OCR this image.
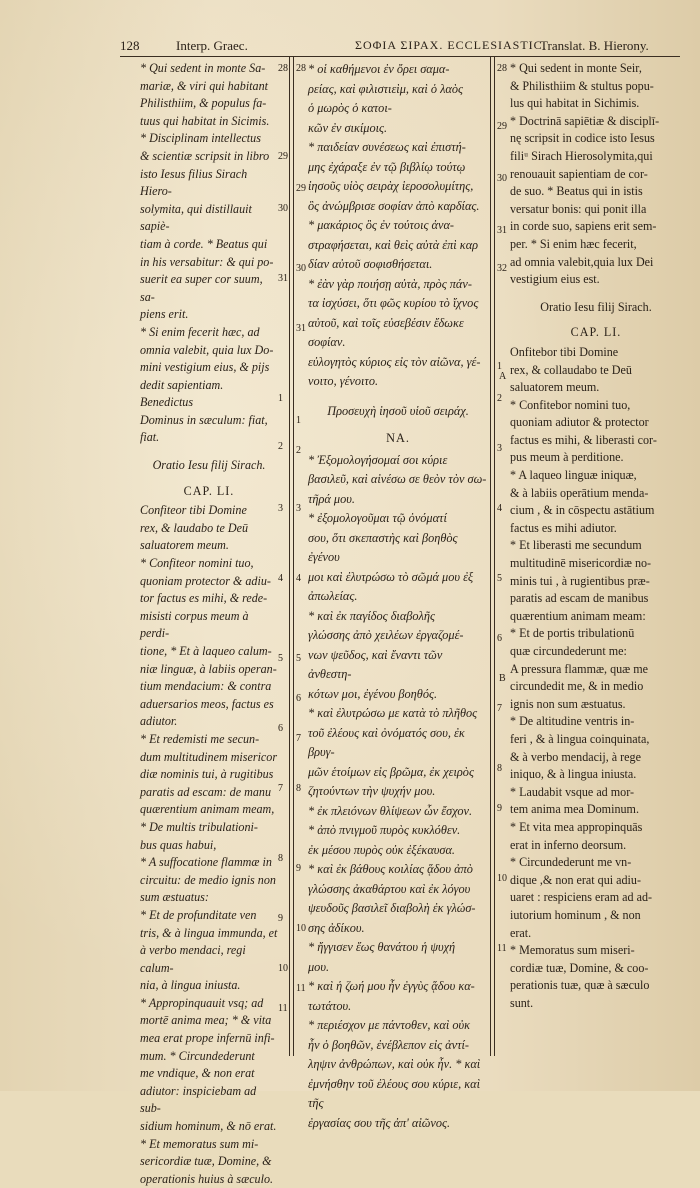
128	Interp. Graec.	ΣΟΦΙΑ ΣΙΡΑΧ. ECCLESIASTIC.
Translat. B. Hierony.

* Qui sedent in monte Sa-

mariæ, & viri qui habitant

Philisthiim, & populus fa-

tuus qui habitat in Sicimis.

* Disciplinam intellectus

& scientiæ scripsit in libro

isto Iesus filius Sirach Hiero-

solymita, qui distillauit sapiè-

tiam à corde. * Beatus qui

in his versabitur: & qui po-

suerit ea super cor suum, sa-

piens erit.

* Si enim fecerit hæc, ad

omnia valebit, quia lux Do-

mini vestigium eius, & pijs

dedit sapientiam. Benedictus

Dominus in sæculum: fiat,

fiat.

Oratio Iesu filij Sirach.

CAP. LI.

Confiteor tibi Domine

rex, & laudabo te Deū

saluatorem meum.

* Confiteor nomini tuo,

quoniam protector & adiu-

tor factus es mihi, & rede-

misisti corpus meum à perdi-

tione, * Et à laqueo calum-

niæ linguæ, à labiis operan-

tium mendacium: & contra

aduersarios meos, factus es

adiutor.

* Et redemisti me secun-

dum multitudinem misericor

diæ nominis tui, à rugitibus

paratis ad escam: de manu

quærentium animam meam,

* De multis tribulationi-

bus quas habui,

* A suffocatione flammæ in

circuitu: de medio ignis non

sum æstuatus:

* Et de profunditate ven

tris, & à lingua immunda, et

à verbo mendaci, regi calum-

nia, à lingua iniusta.

* Appropinquauit vsq; ad

mortē anima mea; * & vita

mea erat prope infernū infi-

mum. * Circundederunt

me vndique, & non erat

adiutor: inspiciebam ad sub-

sidium hominum, & nō erat.

* Et memoratus sum mi-

sericordiæ tuæ, Domine, &

operationis huius à sæculo.

* οἱ καθήμενοι ἐν ὄρει σαμα-

ρείας, καὶ φιλιστιεὶμ, καὶ ὁ λαὸς

ὁ μωρὸς ὁ κατοι-

κῶν ἐν σικίμοις.

* παιδείαν συνέσεως καὶ ἐπιστή-

μης ἐχάραξε ἐν τῷ βιβλίῳ τούτῳ

ἰησοῦς υἱὸς σειρὰχ ἱεροσολυμίτης,

ὃς ἀνώμβρισε σοφίαν ἀπὸ καρδίας.

* μακάριος ὃς ἐν τούτοις ἀνα-

στραφήσεται, καὶ θεὶς αὐτὰ ἐπὶ καρ

δίαν αὐτοῦ σοφισθήσεται.

* ἐὰν γὰρ ποιήσῃ αὐτὰ, πρὸς πάν-

τα ἰσχύσει, ὅτι φῶς κυρίου τὸ ἴχνος

αὐτοῦ, καὶ τοῖς εὐσεβέσιν ἔδωκε σοφίαν.

εὐλογητὸς κύριος εἰς τὸν αἰῶνα, γέ-

νοιτο, γένοιτο.

Προσευχὴ ἰησοῦ υἱοῦ σειράχ.

ΝΑ.

* Ἐξομολογήσομαί σοι κύριε

βασιλεῦ, καὶ αἰνέσω σε θεὸν τὸν σω-

τῆρά μου.

* ἐξομολογοῦμαι τῷ ὀνόματί

σου, ὅτι σκεπαστὴς καὶ βοηθὸς ἐγένου

μοι καὶ ἐλυτρώσω τὸ σῶμά μου ἐξ

ἀπωλείας.

* καὶ ἐκ παγίδος διαβολῆς

γλώσσης ἀπὸ χειλέων ἐργαζομέ-

νων ψεῦδος, καὶ ἔναντι τῶν ἀνθεστη-

κότων μοι, ἐγένου βοηθός.

* καὶ ἐλυτρώσω με κατὰ τὸ πλῆθος

τοῦ ἐλέους καὶ ὀνόματός σου, ἐκ βρυγ-

μῶν ἑτοίμων εἰς βρῶμα, ἐκ χειρὸς

ζητούντων τὴν ψυχήν μου.

* ἐκ πλειόνων θλίψεων ὧν ἔσχον.

* ἀπὸ πνιγμοῦ πυρὸς κυκλόθεν.

ἐκ μέσου πυρὸς οὐκ ἐξέκαυσα.

* καὶ ἐκ βάθους κοιλίας ᾅδου ἀπὸ

γλώσσης ἀκαθάρτου καὶ ἐκ λόγου

ψευδοῦς βασιλεῖ διαβολὴ ἐκ γλώσ-

σης ἀδίκου.

* ἤγγισεν ἕως θανάτου ἡ ψυχή

μου.

* καὶ ἡ ζωή μου ἦν ἐγγὺς ᾅδου κα-

τωτάτου.

* περιέσχον με πάντοθεν, καὶ οὐκ

ἦν ὁ βοηθῶν, ἐνέβλεπον εἰς ἀντί-

ληψιν ἀνθρώπων, καὶ οὐκ ἦν. * καὶ

ἐμνήσθην τοῦ ἐλέους σου κύριε, καὶ τῆς

ἐργασίας σου τῆς ἀπ' αἰῶνος.

* Qui sedent in monte Seir,

& Philisthiim & stultus popu-

lus qui habitat in Sichimis.

* Doctrinā sapiētiæ & disciplī-

nę scripsit in codice isto Iesus

filiᵘ Sirach Hierosolymita,qui

renouauit sapientiam de cor-

de suo. * Beatus qui in istis

versatur bonis: qui ponit illa

in corde suo, sapiens erit sem-

per. * Si enim hæc fecerit,

ad omnia valebit,quia lux Dei

vestigium eius est.

Oratio Iesu filij Sirach.

CAP. LI.

Onfitebor tibi Domine

rex, & collaudabo te Deū

saluatorem meum.

* Confitebor nomini tuo,

quoniam adiutor & protector

factus es mihi, & liberasti cor-

pus meum à perditione.

* A laqueo linguæ iniquæ,

& à labiis operātium menda-

cium , & in cōspectu astātium

factus es mihi adiutor.

* Et liberasti me secundum

multitudinē misericordiæ no-

minis tui , à rugientibus præ-

paratis ad escam de manibus

quærentium animam meam:

* Et de portis tribulationū

quæ circundederunt me:

A pressura flammæ, quæ me

circundedit me, & in medio

ignis non sum æstuatus.

* De altitudine ventris in-

feri , & à lingua coinquinata,

& à verbo mendacij, à rege

iniquo, & à lingua iniusta.

* Laudabit vsque ad mor-

tem anima mea Dominum.

* Et vita mea appropinquās

erat in inferno deorsum.

* Circundederunt me vn-

dique ,& non erat qui adiu-

uaret : respiciens eram ad ad-

iutorium hominum , & non

erat.

* Memoratus sum miseri-

cordiæ tuæ, Domine, & coo-

perationis tuæ, quæ à sæculo

sunt.

28
29
30
31
1
2
3
4
5
6
7
8
9
10
11
28
29
30
31
1
2
3
4
5
6
7
8
9
10
11
28
29
30
31
32
1
2
3
4
5
6
7
8
9
10
11
A
B
